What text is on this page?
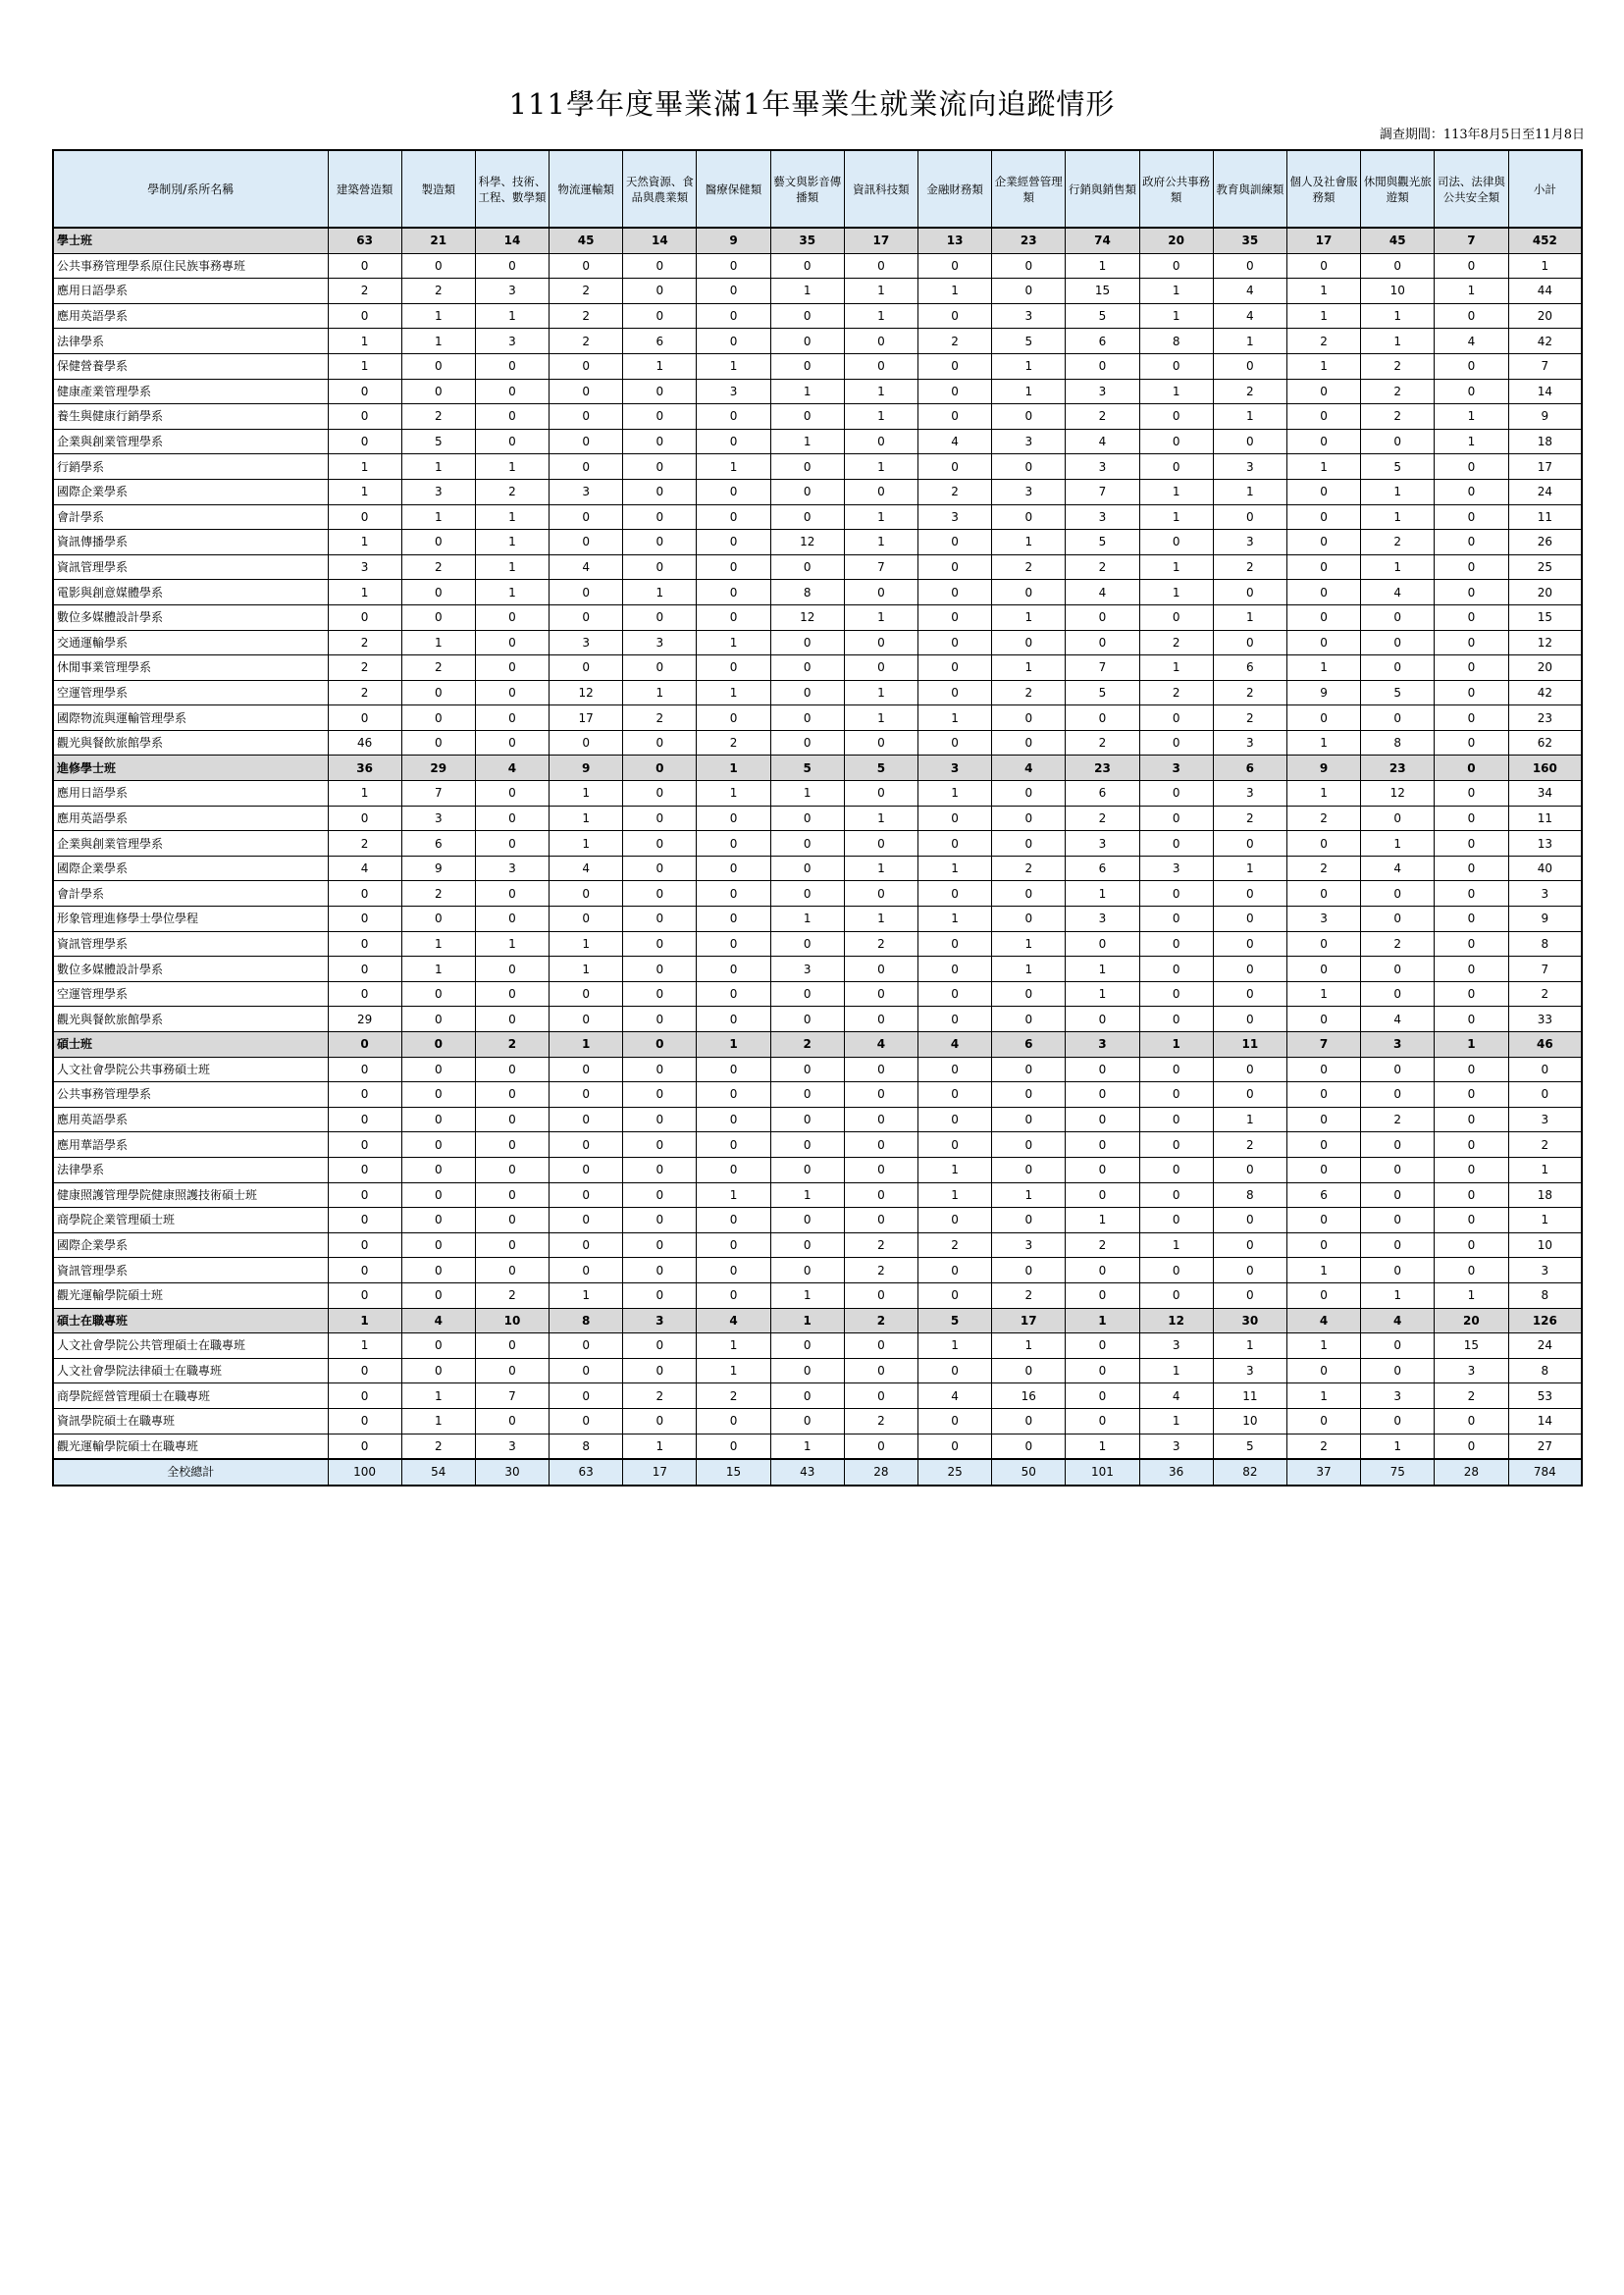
111學年度畢業滿1年畢業生就業流向追蹤情形
調查期間：113年8月5日至11月8日
學制別/系所名稱	建築營造類	製造類	科學、技術、工程、數學類	物流運輸類	天然資源、食品與農業類	醫療保健類	藝文與影音傳播類	資訊科技類	金融財務類	企業經營管理類	行銷與銷售類	政府公共事務類	教育與訓練類	個人及社會服務類	休閒與觀光旅遊類	司法、法律與公共安全類	小計
學士班	63	21	14	45	14	9	35	17	13	23	74	20	35	17	45	7	452
公共事務管理學系原住民族事務專班	0	0	0	0	0	0	0	0	0	0	1	0	0	0	0	0	1
應用日語學系	2	2	3	2	0	0	1	1	1	0	15	1	4	1	10	1	44
應用英語學系	0	1	1	2	0	0	0	1	0	3	5	1	4	1	1	0	20
法律學系	1	1	3	2	6	0	0	0	2	5	6	8	1	2	1	4	42
保健營養學系	1	0	0	0	1	1	0	0	0	1	0	0	0	1	2	0	7
健康產業管理學系	0	0	0	0	0	3	1	1	0	1	3	1	2	0	2	0	14
養生與健康行銷學系	0	2	0	0	0	0	0	1	0	0	2	0	1	0	2	1	9
企業與創業管理學系	0	5	0	0	0	0	1	0	4	3	4	0	0	0	0	1	18
行銷學系	1	1	1	0	0	1	0	1	0	0	3	0	3	1	5	0	17
國際企業學系	1	3	2	3	0	0	0	0	2	3	7	1	1	0	1	0	24
會計學系	0	1	1	0	0	0	0	1	3	0	3	1	0	0	1	0	11
資訊傳播學系	1	0	1	0	0	0	12	1	0	1	5	0	3	0	2	0	26
資訊管理學系	3	2	1	4	0	0	0	7	0	2	2	1	2	0	1	0	25
電影與創意媒體學系	1	0	1	0	1	0	8	0	0	0	4	1	0	0	4	0	20
數位多媒體設計學系	0	0	0	0	0	0	12	1	0	1	0	0	1	0	0	0	15
交通運輸學系	2	1	0	3	3	1	0	0	0	0	0	2	0	0	0	0	12
休閒事業管理學系	2	2	0	0	0	0	0	0	0	1	7	1	6	1	0	0	20
空運管理學系	2	0	0	12	1	1	0	1	0	2	5	2	2	9	5	0	42
國際物流與運輸管理學系	0	0	0	17	2	0	0	1	1	0	0	0	2	0	0	0	23
觀光與餐飲旅館學系	46	0	0	0	0	2	0	0	0	0	2	0	3	1	8	0	62
進修學士班	36	29	4	9	0	1	5	5	3	4	23	3	6	9	23	0	160
應用日語學系	1	7	0	1	0	1	1	0	1	0	6	0	3	1	12	0	34
應用英語學系	0	3	0	1	0	0	0	1	0	0	2	0	2	2	0	0	11
企業與創業管理學系	2	6	0	1	0	0	0	0	0	0	3	0	0	0	1	0	13
國際企業學系	4	9	3	4	0	0	0	1	1	2	6	3	1	2	4	0	40
會計學系	0	2	0	0	0	0	0	0	0	0	1	0	0	0	0	0	3
形象管理進修學士學位學程	0	0	0	0	0	0	1	1	1	0	3	0	0	3	0	0	9
資訊管理學系	0	1	1	1	0	0	0	2	0	1	0	0	0	0	2	0	8
數位多媒體設計學系	0	1	0	1	0	0	3	0	0	1	1	0	0	0	0	0	7
空運管理學系	0	0	0	0	0	0	0	0	0	0	1	0	0	1	0	0	2
觀光與餐飲旅館學系	29	0	0	0	0	0	0	0	0	0	0	0	0	0	4	0	33
碩士班	0	0	2	1	0	1	2	4	4	6	3	1	11	7	3	1	46
人文社會學院公共事務碩士班	0	0	0	0	0	0	0	0	0	0	0	0	0	0	0	0	0
公共事務管理學系	0	0	0	0	0	0	0	0	0	0	0	0	0	0	0	0	0
應用英語學系	0	0	0	0	0	0	0	0	0	0	0	0	1	0	2	0	3
應用華語學系	0	0	0	0	0	0	0	0	0	0	0	0	2	0	0	0	2
法律學系	0	0	0	0	0	0	0	0	1	0	0	0	0	0	0	0	1
健康照護管理學院健康照護技術碩士班	0	0	0	0	0	1	1	0	1	1	0	0	8	6	0	0	18
商學院企業管理碩士班	0	0	0	0	0	0	0	0	0	0	1	0	0	0	0	0	1
國際企業學系	0	0	0	0	0	0	0	2	2	3	2	1	0	0	0	0	10
資訊管理學系	0	0	0	0	0	0	0	2	0	0	0	0	0	1	0	0	3
觀光運輸學院碩士班	0	0	2	1	0	0	1	0	0	2	0	0	0	0	1	1	8
碩士在職專班	1	4	10	8	3	4	1	2	5	17	1	12	30	4	4	20	126
人文社會學院公共管理碩士在職專班	1	0	0	0	0	1	0	0	1	1	0	3	1	1	0	15	24
人文社會學院法律碩士在職專班	0	0	0	0	0	1	0	0	0	0	0	1	3	0	0	3	8
商學院經營管理碩士在職專班	0	1	7	0	2	2	0	0	4	16	0	4	11	1	3	2	53
資訊學院碩士在職專班	0	1	0	0	0	0	0	2	0	0	0	1	10	0	0	0	14
觀光運輸學院碩士在職專班	0	2	3	8	1	0	1	0	0	0	1	3	5	2	1	0	27
全校總計	100	54	30	63	17	15	43	28	25	50	101	36	82	37	75	28	784
